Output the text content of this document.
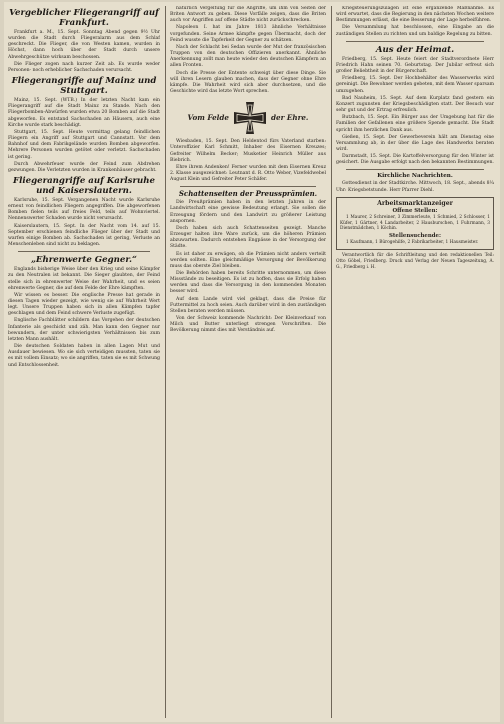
Vergeblicher Fliegerangriff auf Frankfurt.

Frankfurt a. M., 15. Sept. Sonntag Abend gegen 9½ Uhr wurden die Stadt durch Fliegeralarm aus dem Schlaf geschreckt. Die Flieger, die von Westen kamen, wurden in Höchst, dann hoch über der Stadt durch unsere Abwehrgeschütze wirksam beschossen.

Die Flieger zogen nach kurzer Zeit ab. Es wurde weder Personen- noch erheblicher Sachschaden verursacht.

Fliegerangriffe auf Mainz und Stuttgart.

Mainz, 15. Sept. (WTB.) In der letzten Nacht kam ein Fliegerangriff auf die Stadt Mainz zu Stande. Nach den Fliegerbomben-Abwürfen wurden etwa 20 Bomben auf die Stadt abgeworfen. Es entstand Sachschaden an Häusern, auch eine Kirche wurde stark beschädigt.

Stuttgart, 15. Sept. Heute vormittag gelang feindlichen Fliegern ein Angriff auf Stuttgart und Cannstatt. Vor dem Bahnhof und dem Fabrikgelände wurden Bomben abgeworfen. Mehrere Personen wurden getötet oder verletzt. Sachschaden ist gering.

Durch Abwehrfeuer wurde der Feind zum Abdrehen gezwungen. Die Verletzten wurden in Krankenhäuser gebracht.

Fliegerangriffe auf Karlsruhe und Kaiserslautern.

Karlsruhe, 15. Sept. Vergangenen Nacht wurde Karlsruhe erneut von feindlichen Fliegern angegriffen. Die abgeworfenen Bomben fielen teils auf freies Feld, teils auf Wohnviertel. Nennenswerter Schaden wurde nicht verursacht.

Kaiserslautern, 15. Sept. In der Nacht vom 14. auf 15. September erschienen feindliche Flieger über der Stadt und warfen einige Bomben ab. Sachschaden ist gering, Verluste an Menschenleben sind nicht zu beklagen.

„Ehrenwerte Gegner.“

Englands bisherige Weise über den Krieg und seine Kämpfer zu den Neutralen ist bekannt. Die Sieger glaubten, der Feind stelle sich in ehrenwerter Weise der Wahrheit, und es seien ehrenwerte Gegner, die auf dem Felde der Ehre kämpften.

Wir wissen es besser. Die englische Presse hat gerade in diesen Tagen wieder gezeigt, wie wenig sie auf Wahrheit Wert legt. Unsere Truppen haben sich in allen Kämpfen tapfer geschlagen und dem Feind schwere Verluste zugefügt.

Englische Fachblätter schildern das Vorgehen der deutschen Infanterie als geschickt und zäh. Man kann den Gegner nur bewundern, der unter schwierigsten Verhältnissen bis zum letzten Mann aushält.

Die deutschen Soldaten haben in allen Lagen Mut und Ausdauer bewiesen. Wo sie sich verteidigen mussten, taten sie es mit vollem Einsatz; wo sie angriffen, taten sie es mit Schwung und Entschlossenheit.

natürlich Vergeltung für die Angriffe, um ihm von Seiten der Briten Antwort zu geben. Diese Vorfälle zeigen, dass die Briten auch vor Angriffen auf offene Städte nicht zurückschrecken.

Napoleon I. hat im Jahre 1813 ähnliche Verhältnisse vorgefunden. Seine Armee kämpfte gegen Übermacht, doch der Feind wusste die Tapferkeit der Gegner zu schätzen.

Nach der Schlacht bei Sedan wurde der Mut der französischen Truppen von den deutschen Offizieren anerkannt. Ähnliche Anerkennung zollt man heute wieder den deutschen Kämpfern an allen Fronten.

Doch die Presse der Entente schweigt über diese Dinge. Sie will ihren Lesern glauben machen, dass der Gegner ohne Ehre kämpfe. Die Wahrheit wird sich aber durchsetzen, und die Geschichte wird das letzte Wort sprechen.

Vom Felde	der Ehre.

Wiesbaden, 15. Sept. Den Heldentod fürs Vaterland starben: Unteroffizier Karl Schmitt, Inhaber des Eisernen Kreuzes; Gefreiter Wilhelm Becker; Musketier Heinrich Müller aus Biebrich.

Ehre ihrem Andenken! Ferner wurden mit dem Eisernen Kreuz 2. Klasse ausgezeichnet: Leutnant d. R. Otto Weber, Vizefeldwebel August Klein und Gefreiter Peter Schäfer.

Schattenseiten der Preussprämien.

Die Preußprämien haben in den letzten Jahren in der Landwirtschaft eine gewisse Bedeutung erlangt. Sie sollen die Erzeugung fördern und den Landwirt zu größerer Leistung anspornen.

Doch haben sich auch Schattenseiten gezeigt. Manche Erzeuger halten ihre Ware zurück, um die höheren Prämien abzuwarten. Dadurch entstehen Engpässe in der Versorgung der Städte.

Es ist daher zu erwägen, ob die Prämien nicht anders verteilt werden sollten. Eine gleichmäßige Versorgung der Bevölkerung muss das oberste Ziel bleiben.

Die Behörden haben bereits Schritte unternommen, um diese Missstände zu beseitigen. Es ist zu hoffen, dass sie Erfolg haben werden und dass die Versorgung in den kommenden Monaten besser wird.

Auf dem Lande wird viel geklagt, dass die Preise für Futtermittel zu hoch seien. Auch darüber wird in den zuständigen Stellen beraten werden müssen.

Von der Schweiz kommende Nachricht: Der Kleinverkauf von Milch und Butter unterliegt strengen Vorschriften. Die Bevölkerung nimmt dies mit Verständnis auf.

Kriegsteuerungszulagen ist eine ergänzende Maßnahme. Es wird erwartet, dass die Regierung in den nächsten Wochen weitere Bestimmungen erlässt, die eine Besserung der Lage herbeiführen.

Die Versammlung hat beschlossen, eine Eingabe an die zuständigen Stellen zu richten und um baldige Regelung zu bitten.

Aus der Heimat.

Friedberg, 15. Sept. Heute feiert der Stadtverordnete Herr Friedrich Hahn seinen 70. Geburtstag. Der Jubilar erfreut sich großer Beliebtheit in der Bürgerschaft.

Friedberg, 15. Sept. Der Hochbehälter des Wasserwerks wird gereinigt. Die Bewohner werden gebeten, mit dem Wasser sparsam umzugehen.

Bad Nauheim, 15. Sept. Auf dem Kurplatz fand gestern ein Konzert zugunsten der Kriegsbeschädigten statt. Der Besuch war sehr gut und der Ertrag erfreulich.

Butzbach, 15. Sept. Ein Bürger aus der Umgebung hat für die Familien der Gefallenen eine größere Spende gemacht. Die Stadt spricht ihm herzlichen Dank aus.

Gießen, 15. Sept. Der Gewerbeverein hält am Dienstag eine Versammlung ab, in der über die Lage des Handwerks beraten wird.

Darmstadt, 15. Sept. Die Kartoffelversorgung für den Winter ist gesichert. Die Ausgabe erfolgt nach den bekannten Bestimmungen.

Kirchliche Nachrichten.

Gottesdienst in der Stadtkirche. Mittwoch, 18. Sept., abends 8¼ Uhr: Kriegsbetstunde. Herr Pfarrer Diehl.

Arbeitsmarktanzeiger
Offene Stellen:

1 Maurer, 2 Schreiner, 3 Zimmerleute, 1 Schmied, 2 Schlosser, 1 Küfer, 1 Gärtner, 4 Landarbeiter, 2 Hausburschen, 1 Fuhrmann, 3 Dienstmädchen, 1 Köchin.

Stellensuchende:

1 Kaufmann, 1 Bürogehilfe, 2 Fabrikarbeiter, 1 Hausmeister.

Verantwortlich für die Schriftleitung und den redaktionellen Teil: Otto Göbel, Friedberg. Druck und Verlag der Neuen Tageszeitung, A. G., Friedberg i. H.
